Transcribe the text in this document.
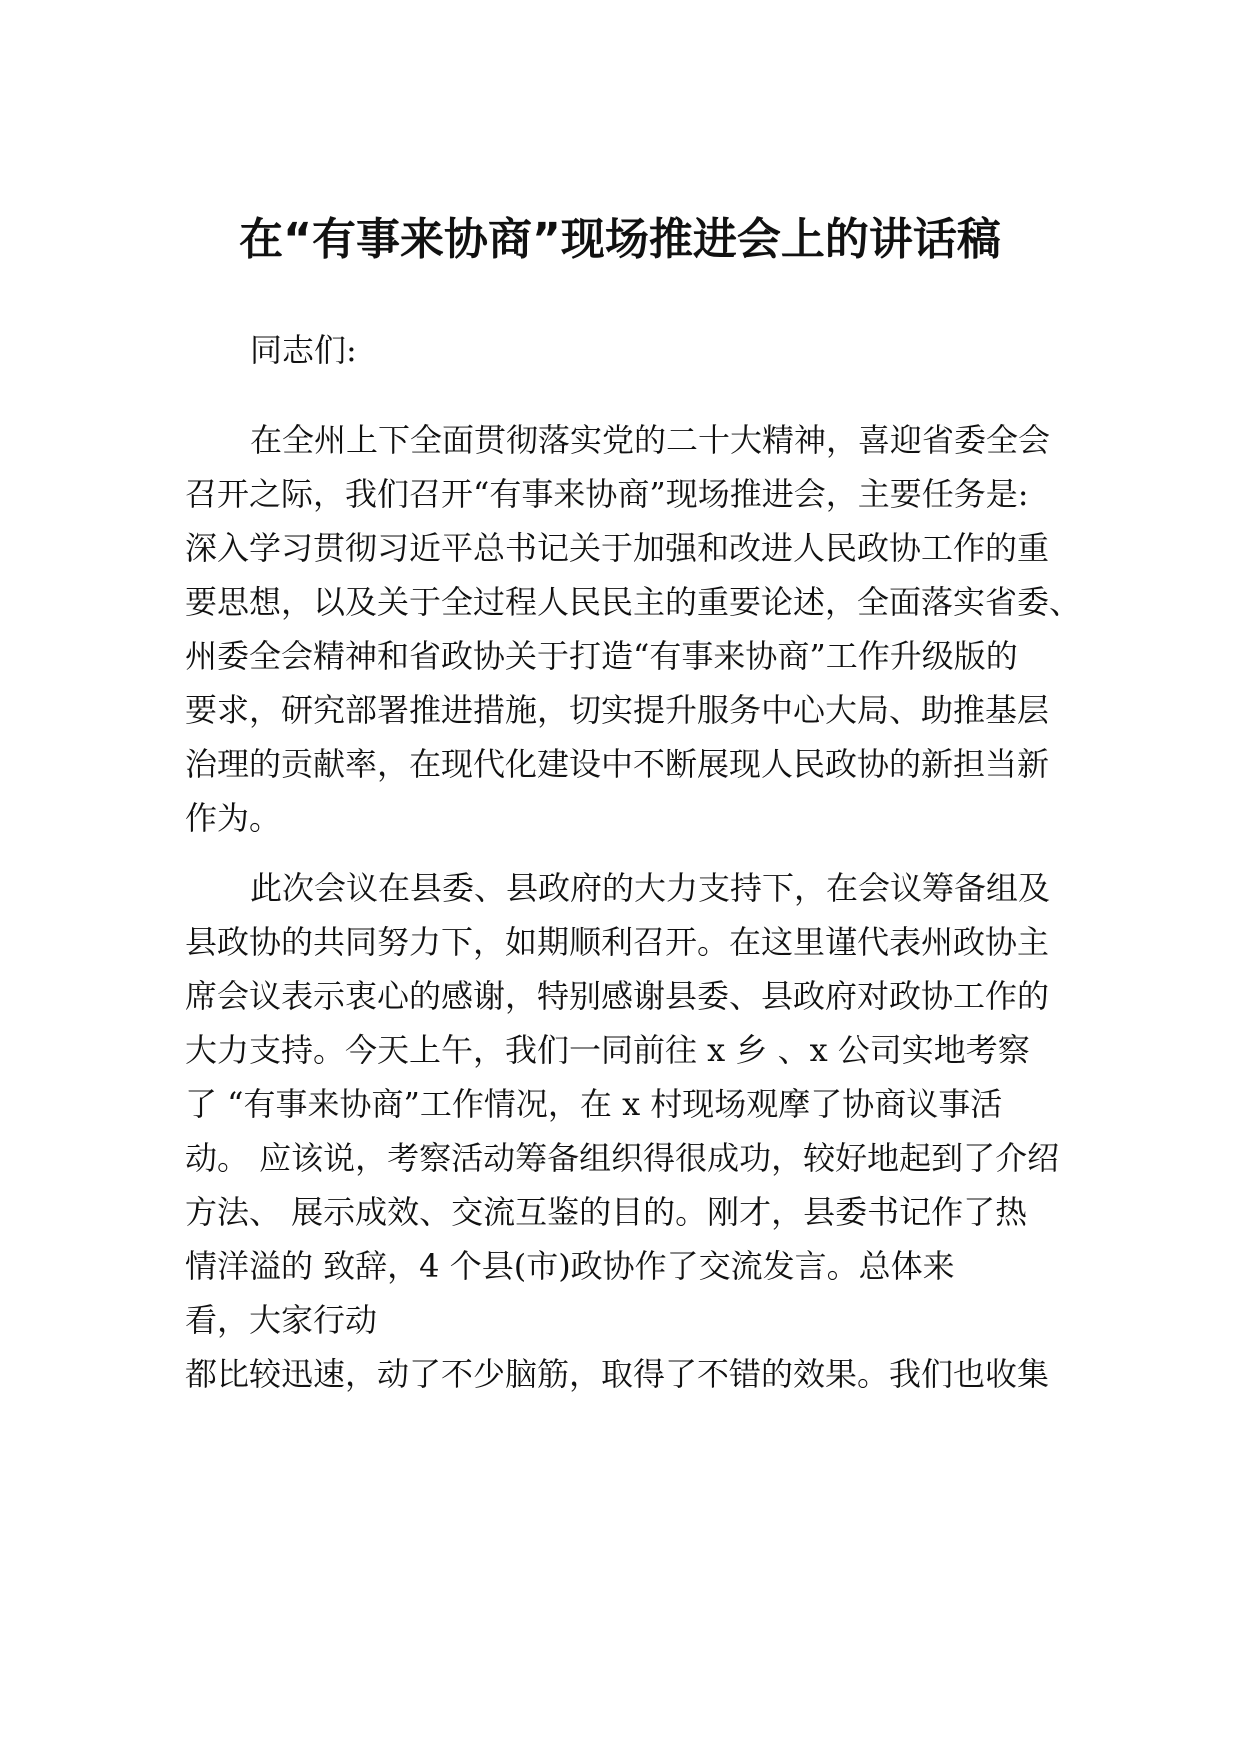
在“有事来协商”现场推进会上的讲话稿
同志们:
在全州上下全面贯彻落实党的二十大精神，喜迎省委全会
召开之际，我们召开“有事来协商”现场推进会，主要任务是:
深入学习贯彻习近平总书记关于加强和改进人民政协工作的重
要思想，以及关于全过程人民民主的重要论述，全面落实省委、
州委全会精神和省政协关于打造“有事来协商”工作升级版的
要求，研究部署推进措施，切实提升服务中心大局、助推基层
治理的贡献率，在现代化建设中不断展现人民政协的新担当新
作为。
此次会议在县委、县政府的大力支持下，在会议筹备组及
县政协的共同努力下，如期顺利召开。在这里谨代表州政协主
席会议表示衷心的感谢，特别感谢县委、县政府对政协工作的
大力支持。今天上午，我们一同前往 x 乡 、x 公司实地考察
了 “有事来协商”工作情况，在 x 村现场观摩了协商议事活
动。 应该说，考察活动筹备组织得很成功，较好地起到了介绍
方法、 展示成效、交流互鉴的目的。刚才，县委书记作了热
情洋溢的 致辞，4 个县(市)政协作了交流发言。总体来
看，大家行动
都比较迅速，动了不少脑筋，取得了不错的效果。我们也收集
